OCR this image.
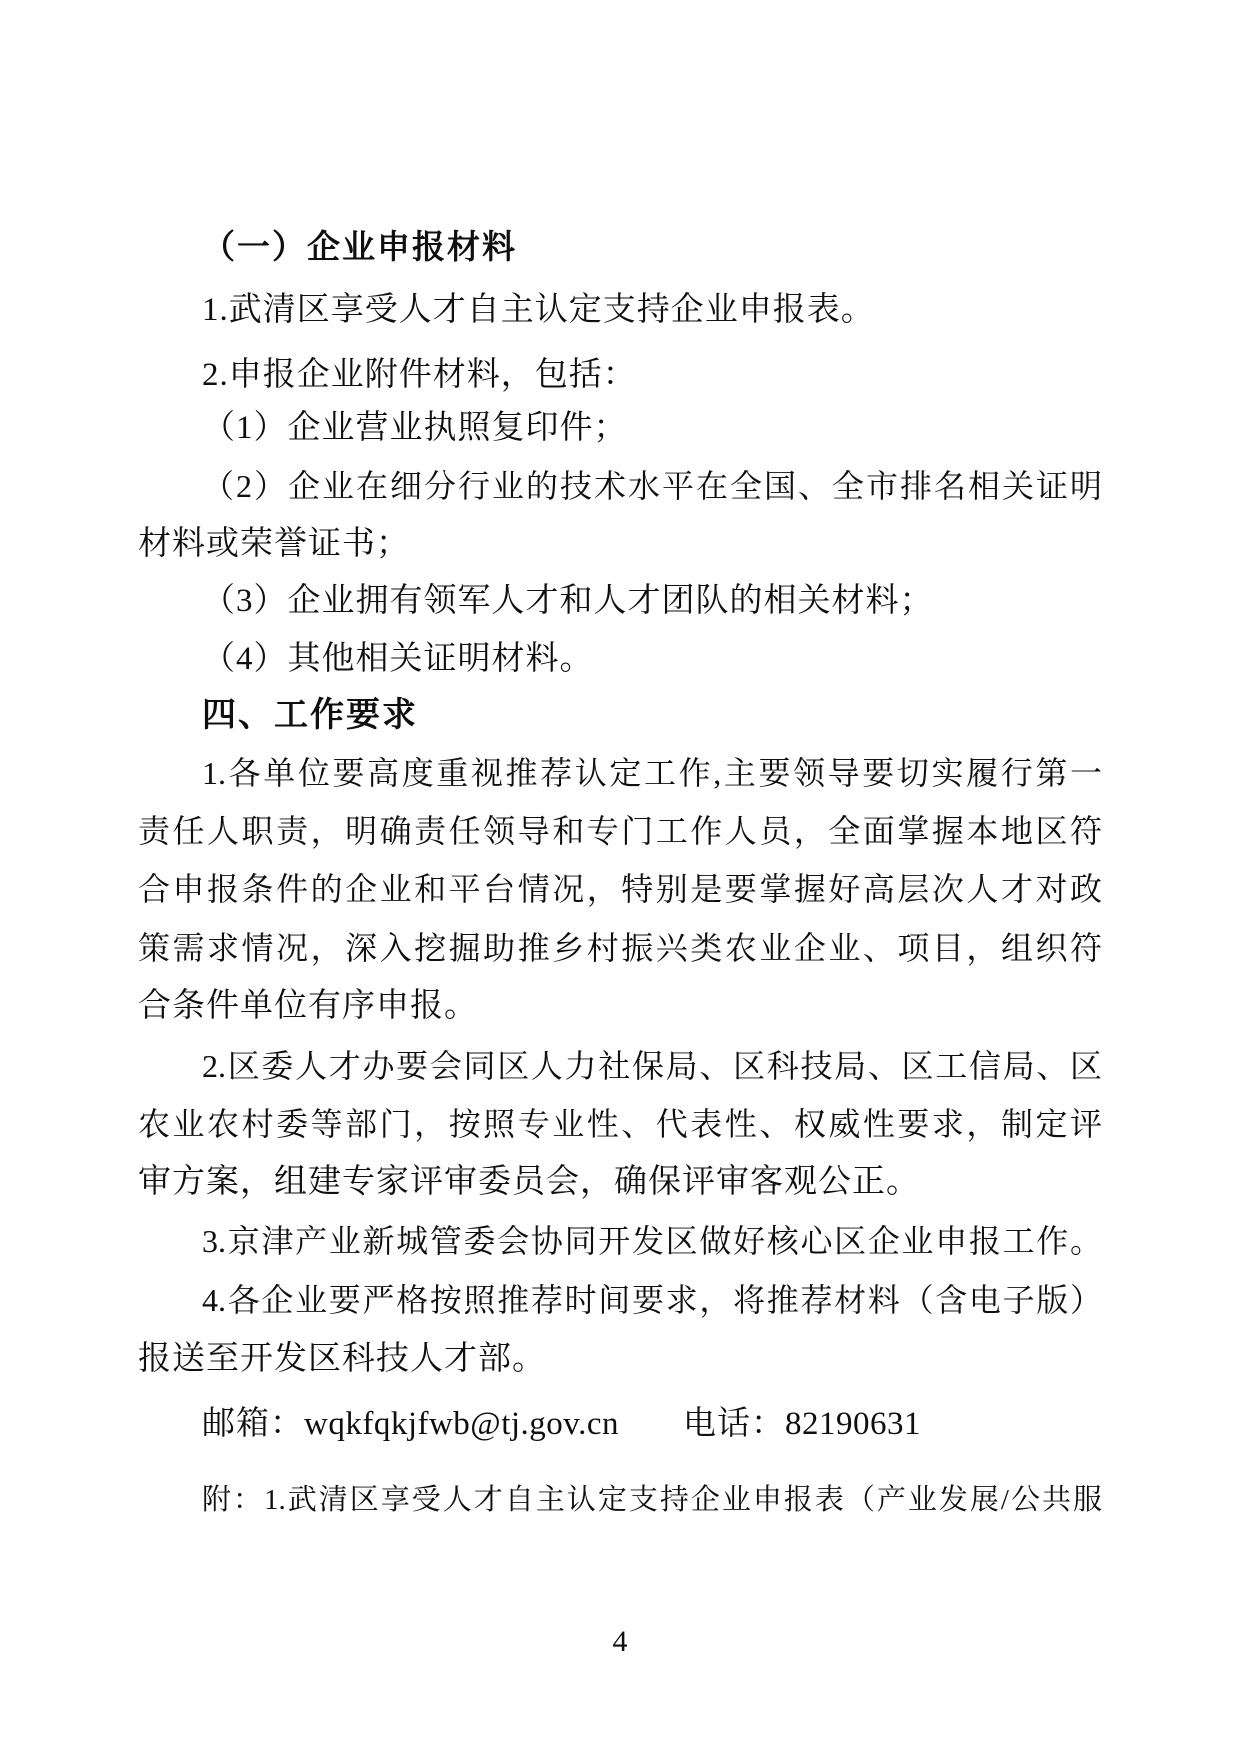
（一）企业申报材料
1.武清区享受人才自主认定支持企业申报表。
2.申报企业附件材料，包括：
（1）企业营业执照复印件；
（2）企业在细分行业的技术水平在全国、全市排名相关证明
材料或荣誉证书；
（3）企业拥有领军人才和人才团队的相关材料；
（4）其他相关证明材料。
四、工作要求
1.各单位要高度重视推荐认定工作,主要领导要切实履行第一
责任人职责，明确责任领导和专门工作人员，全面掌握本地区符
合申报条件的企业和平台情况，特别是要掌握好高层次人才对政
策需求情况，深入挖掘助推乡村振兴类农业企业、项目，组织符
合条件单位有序申报。
2.区委人才办要会同区人力社保局、区科技局、区工信局、区
农业农村委等部门，按照专业性、代表性、权威性要求，制定评
审方案，组建专家评审委员会，确保评审客观公正。
3.京津产业新城管委会协同开发区做好核心区企业申报工作。
4.各企业要严格按照推荐时间要求，将推荐材料（含电子版）
报送至开发区科技人才部。
邮箱：wqkfqkjfwb@tj.gov.cn 电话：82190631
附：1.武清区享受人才自主认定支持企业申报表（产业发展/公共服
4
